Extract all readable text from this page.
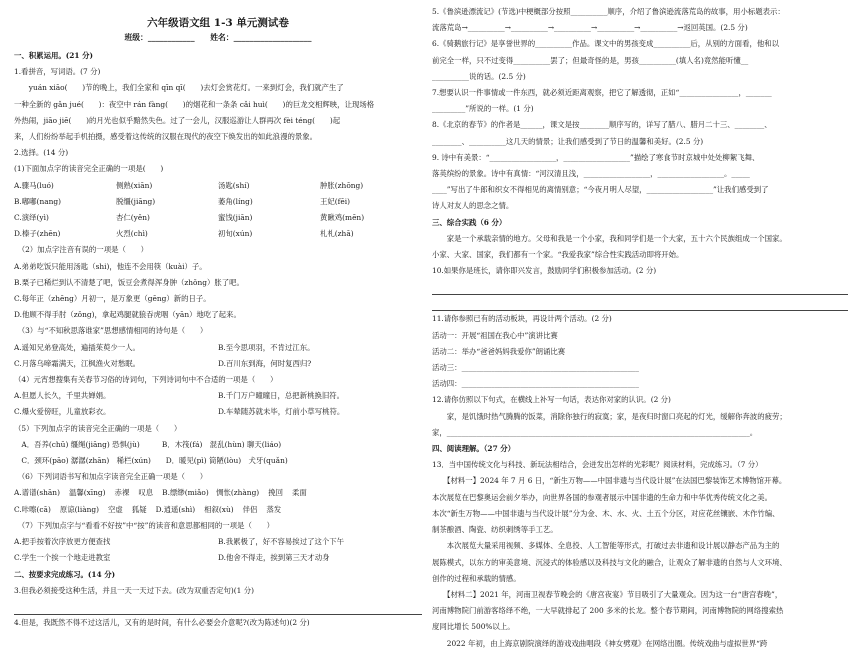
六年级语文组 1-3 单元测试卷
班级：____________　　姓名：____________________
一、积累运用。(21 分)
1.看拼音，写词语。(7 分)
　　yuán xiāo(　　)节的晚上，我们全家和 qīn qī(　　)去灯会赏花灯。一来到灯会，我们就产生了
一种全新的 gǎn jué(　　)：夜空中 rán fàng(　　)的烟花和一条条 cǎi huì(　　)的巨龙交相辉映，让现场格
外热闹，jiāo jiē(　　)的月光也似乎黯然失色。过了一会儿，汉服巡游让人群再次 fèi téng(　　)起
来，人们纷纷举起手机拍摄，感受着这传统的汉服在现代的夜空下焕发出的如此浪漫的景象。
2.选择。(14 分)
(1)下面加点字的读音完全正确的一项是(　　)
A.骤马(luó)	侧熟(xiān)	汤匙(shí)	肿胀(zhōng)
B.嘟嘟(nang)	脱缰(jiāng)	萎角(líng)	王妃(fēi)
C.演绎(yì)	杏仁(yěn)	蜜饯(jiān)	黄瞅鸡(mēn)
D.榛子(zhēn)	火烈(chì)	初旬(xún)	札札(zhā)
　（2）加点字注音有误的一项是（　　）
A.弟弟吃饭只能用汤匙（shi)，他连不会用筷（kuài）子。
B.栗子已稀烂到认不清楚了吧，饭豆会煮得浑身肿（zhǒng）胀了吧。
C.每年正（zhēng）月初一，是万象更（gēng）新的日子。
D.他顾不得手肘（zǒng)，拿起鸡腿就狼吞虎咽（yān）地吃了起来。
　（3）与“不知秋思落谁家”思想感情相同的诗句是（　　）
A.遥知兄弟登高处，遍插茱萸少一人。	B.至今思项羽，不肯过江东。
C.月落乌啼霜满天，江枫渔火对愁眠。	D.百川东到海，何时复西归?
（4）元宵想搜集有关春节习俗的诗词句，下列诗词句中不合适的一项是（　　）
A.但愿人长久，千里共婵娟。	B.千门万户曈曈日，总把新桃换旧符。
C.爆火爱傍旺，儿童放彩衣。	D.车辇随苏就未毕，灯前小草写桃符。
（5）下列加点字的读音完全正确的一项是（　　）
　A．吾养(chū) 缰绳(jiāng) 恐惧(jù)　　　B．木筏(fá)　混乱(hùn) 聊天(liáo)
　C．颈环(pāo) 潺潺(zhān)　稀栏(xún)　　D．暖见(pì) 筒陋(lòu)　犬牙(quǎn)
　（6）下列词语书写和加点字读音完全正确一项是（　　）
A.谱谱(shān) 温馨(xīng) 赤裸 叹息 B.缥缈(miǎo)　惆怅(zhàng) 挽回 柔面
C.咔嚓(cā) 原谅(liàng) 空虚 狐疑 D.逍遥(shì) 相叙(xù) 伴侣 蒸发
　（7）下列加点字与“看看不好按”中“按”的读音和意思都相同的一项是（　　）
A.把手按着次序放更方便查找	B.我累极了，好不容易挨过了这个下午
C.学生一个挨一个地走进教室	D.他舍不得走，挨到第三天才动身
二、按要求完成练习。(14 分)
3.但我必须接受这种生活，并且一天一天过下去。(改为双重否定句)(1 分)
4.但是，我既然不得不过这活儿，又有的是时间，有什么必要会介意呢?(改为陈述句)(2 分)
5.《鲁滨逊漂流记》(节选)中梗概部分按照__________顺序，介绍了鲁滨逊流落荒岛的故事，用小标题表示：
流落荒岛→__________→__________→__________→__________→__________→返回英国。(2.5 分)
6.《骑鹅旅行记》是享誉世界的__________作品。课文中的男孩变成__________后，从别的方面看，他和以
前完全一样，只不过变得__________罢了；但最奇怪的是，男孩__________(填人名)竟然能听懂__
__________说的话。(2.5 分)
7.想要认识一件事情或一件东西，就必须近距离观察，把它了解透彻，正如“________________，_______
_________”所说的一样。(1 分)
8.《北京的春节》的作者是______，课文是按________顺序写的，详写了腊八、腊月二十三、________、
________、__________这几天的情景；让我们感受到了节日的温馨和美好。(2.5 分)
9. 诗中有美景：“__________________，__________________”描绘了寒食节时京城中处处柳絮飞舞、
落英缤纷的景象。诗中有真情：“河汉清且浅，__________________，__________________。_____
____”写出了牛郎和织女不得相见的离情别意；“今夜月明人尽望，__________________”让我们感受到了
诗人对友人的思念之情。
三、综合实践（6 分）
　　家是一个承载亲情的地方。父母和我是一个小家，我和同学们是一个大家，五十六个民族组成一个国家。
小家、大家、国家，我们都有一个家。“我爱我家”综合性实践活动即将开始。
10.如果你是班长，请你即兴发言，鼓励同学们积极参加活动。(2 分)
11.请你参照已有的活动板块，再设计两个活动。(2 分)
活动一：开展“祖国在我心中”演讲比赛
活动二：举办“爸爸妈妈我爱你”朗诵比赛
活动三：________________________________________________
活动四：________________________________________________
12.请你仿照以下句式，在横线上补写一句话，表达你对家的认识。(2 分)
　　家，是饥饿时热气腾腾的饭菜，消除你独行的寂寞；家，是夜归时窗口亮起的灯光，缓解你奔波的疲劳；
家，__________________________________________________________________________________。
四、阅读理解。（27 分）
13．当中国传统文化与科技、新玩法相结合，会迸发出怎样的光彩呢？阅读材料，完成练习。（7 分）
　　【材料一】2024 年 7 月 6 日，“新生万物——中国非遗与当代设计展”在法国巴黎装饰艺术博物馆开幕。
本次展览在巴黎奥运会前夕举办，向世界各国的参观者展示中国非遗的生命力和中华优秀传统文化之美。
本次“新生万物——中国非遗与当代设计展”分为金、木、水、火、土五个分区，对应花丝镶嵌、木作竹编、
制茶酿酒、陶瓷、纺织刺绣等手工艺。
　　本次展览大量采用视频、多媒体、全息投、人工智能等形式，打破过去非遗和设计展以静态产品为主的
展陈模式，以东方的审美意境、沉浸式的体验感以及科技与文化的融合，让观众了解非遗的自然与人文环境、
创作的过程和承载的情感。
　　【材料二】2021 年，河南卫视春节晚会的《唐宫夜宴》节目吸引了大量观众。因为这一台“唐宫春晚”，
河南博物院门前游客络绎不绝，一大早就排起了 200 多米的长龙。整个春节期间，河南博物院的网络搜索热
度同比增长 500%以上。
　　2022 年初，由上海京剧院演绎的游戏戏曲唱段《神女劈观》在网络出圈。传统戏曲与虚拟世界“跨
